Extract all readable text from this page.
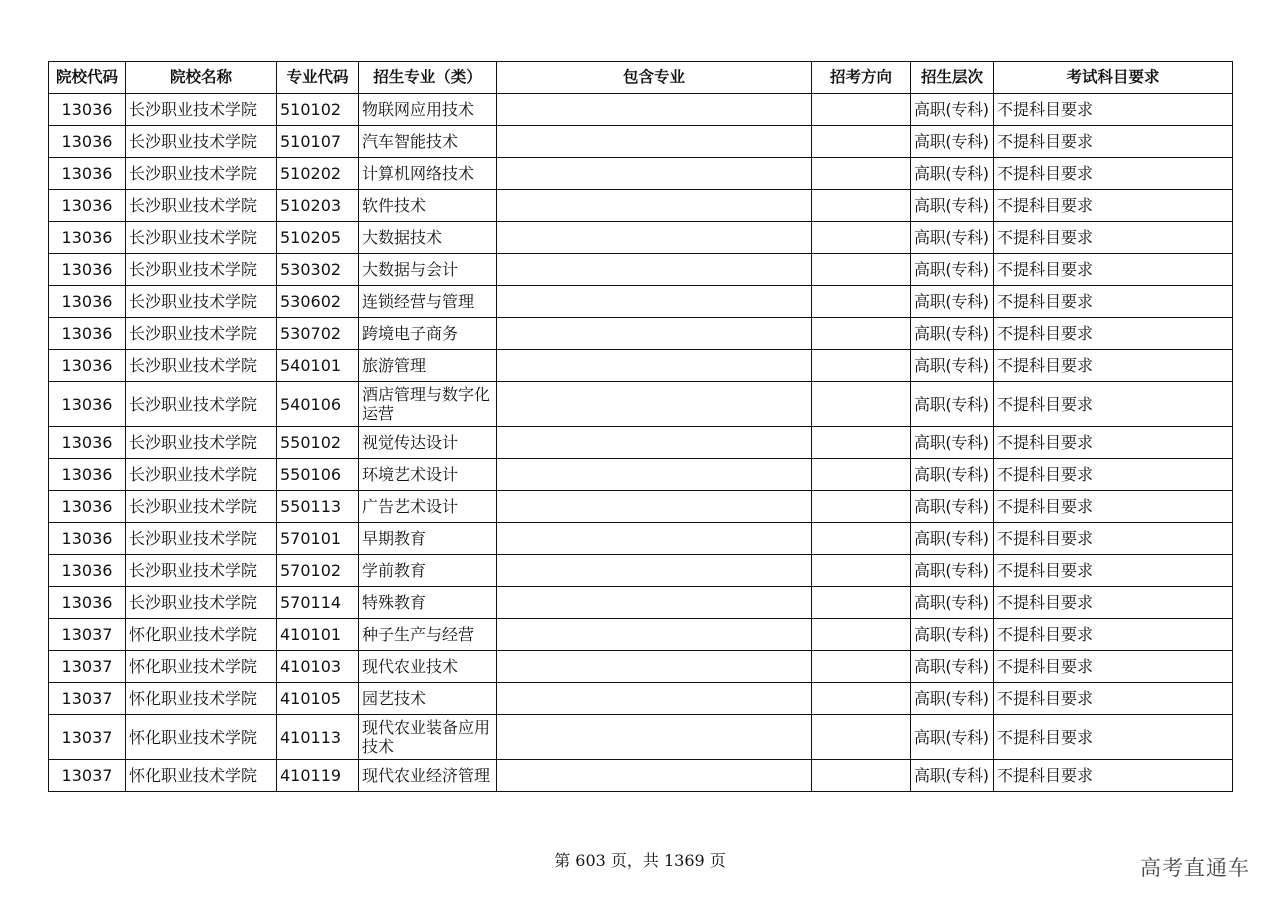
院校代码	院校名称	专业代码	招生专业（类）	包含专业	招考方向	招生层次	考试科目要求
13036	长沙职业技术学院	510102	物联网应用技术			高职(专科)	不提科目要求
13036	长沙职业技术学院	510107	汽车智能技术			高职(专科)	不提科目要求
13036	长沙职业技术学院	510202	计算机网络技术			高职(专科)	不提科目要求
13036	长沙职业技术学院	510203	软件技术			高职(专科)	不提科目要求
13036	长沙职业技术学院	510205	大数据技术			高职(专科)	不提科目要求
13036	长沙职业技术学院	530302	大数据与会计			高职(专科)	不提科目要求
13036	长沙职业技术学院	530602	连锁经营与管理			高职(专科)	不提科目要求
13036	长沙职业技术学院	530702	跨境电子商务			高职(专科)	不提科目要求
13036	长沙职业技术学院	540101	旅游管理			高职(专科)	不提科目要求
13036	长沙职业技术学院	540106	酒店管理与数字化运营			高职(专科)	不提科目要求
13036	长沙职业技术学院	550102	视觉传达设计			高职(专科)	不提科目要求
13036	长沙职业技术学院	550106	环境艺术设计			高职(专科)	不提科目要求
13036	长沙职业技术学院	550113	广告艺术设计			高职(专科)	不提科目要求
13036	长沙职业技术学院	570101	早期教育			高职(专科)	不提科目要求
13036	长沙职业技术学院	570102	学前教育			高职(专科)	不提科目要求
13036	长沙职业技术学院	570114	特殊教育			高职(专科)	不提科目要求
13037	怀化职业技术学院	410101	种子生产与经营			高职(专科)	不提科目要求
13037	怀化职业技术学院	410103	现代农业技术			高职(专科)	不提科目要求
13037	怀化职业技术学院	410105	园艺技术			高职(专科)	不提科目要求
13037	怀化职业技术学院	410113	现代农业装备应用技术			高职(专科)	不提科目要求
13037	怀化职业技术学院	410119	现代农业经济管理			高职(专科)	不提科目要求
第 603 页，共 1369 页	高考直通车
